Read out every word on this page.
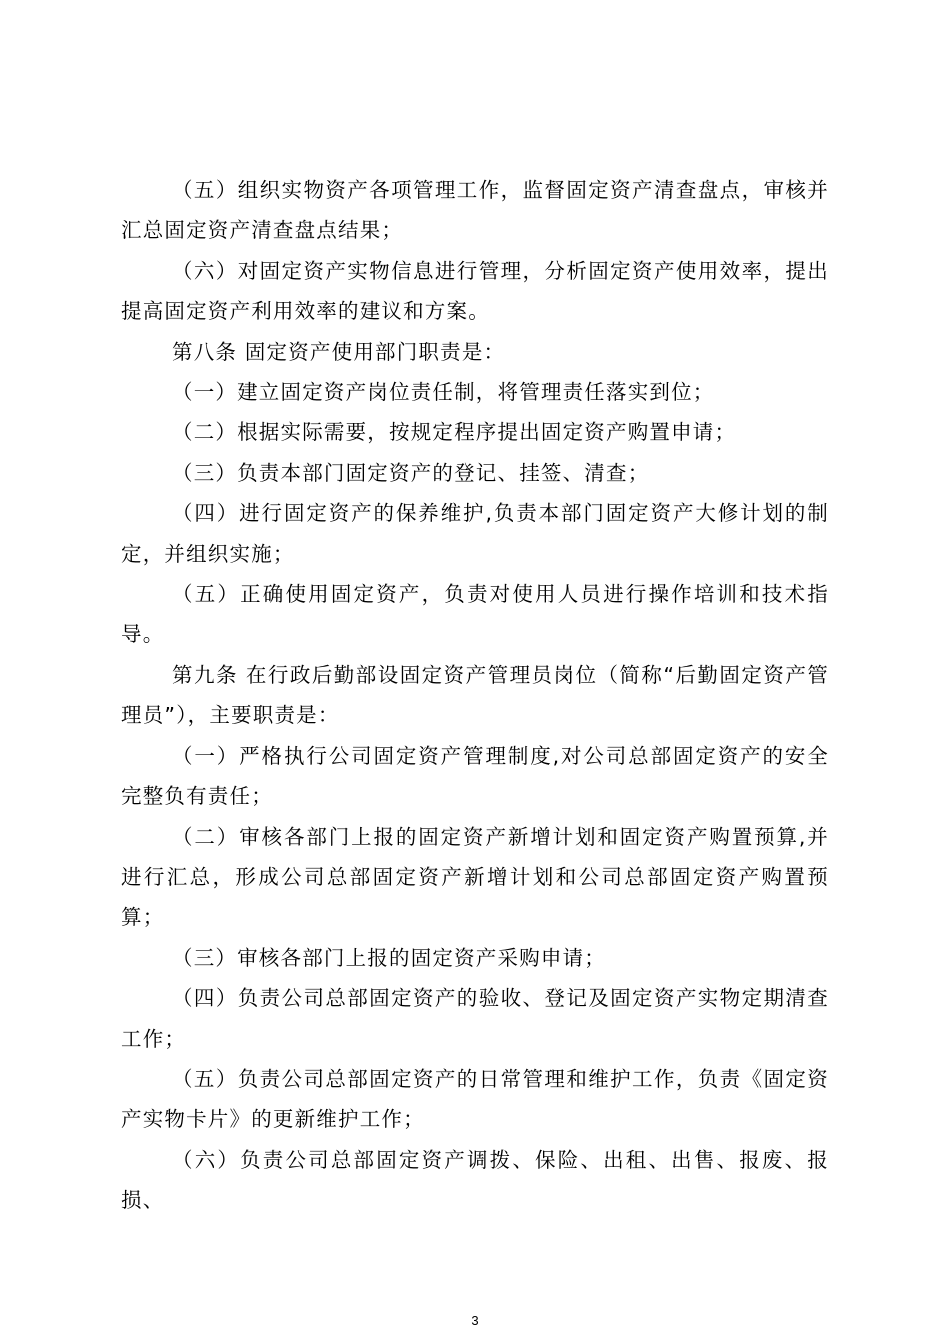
（五）组织实物资产各项管理工作，监督固定资产清查盘点，审核并汇总固定资产清查盘点结果；

（六）对固定资产实物信息进行管理，分析固定资产使用效率，提出提高固定资产利用效率的建议和方案。

第八条 固定资产使用部门职责是：

（一）建立固定资产岗位责任制，将管理责任落实到位；

（二）根据实际需要，按规定程序提出固定资产购置申请；

（三）负责本部门固定资产的登记、挂签、清查；

（四）进行固定资产的保养维护,负责本部门固定资产大修计划的制定，并组织实施；

（五）正确使用固定资产，负责对使用人员进行操作培训和技术指导。

第九条 在行政后勤部设固定资产管理员岗位（简称“后勤固定资产管理员”），主要职责是：

（一）严格执行公司固定资产管理制度,对公司总部固定资产的安全完整负有责任；

（二）审核各部门上报的固定资产新增计划和固定资产购置预算,并进行汇总，形成公司总部固定资产新增计划和公司总部固定资产购置预算；

（三）审核各部门上报的固定资产采购申请；

（四）负责公司总部固定资产的验收、登记及固定资产实物定期清查工作；

（五）负责公司总部固定资产的日常管理和维护工作，负责《固定资产实物卡片》的更新维护工作；

（六）负责公司总部固定资产调拨、保险、出租、出售、报废、报损、

3
